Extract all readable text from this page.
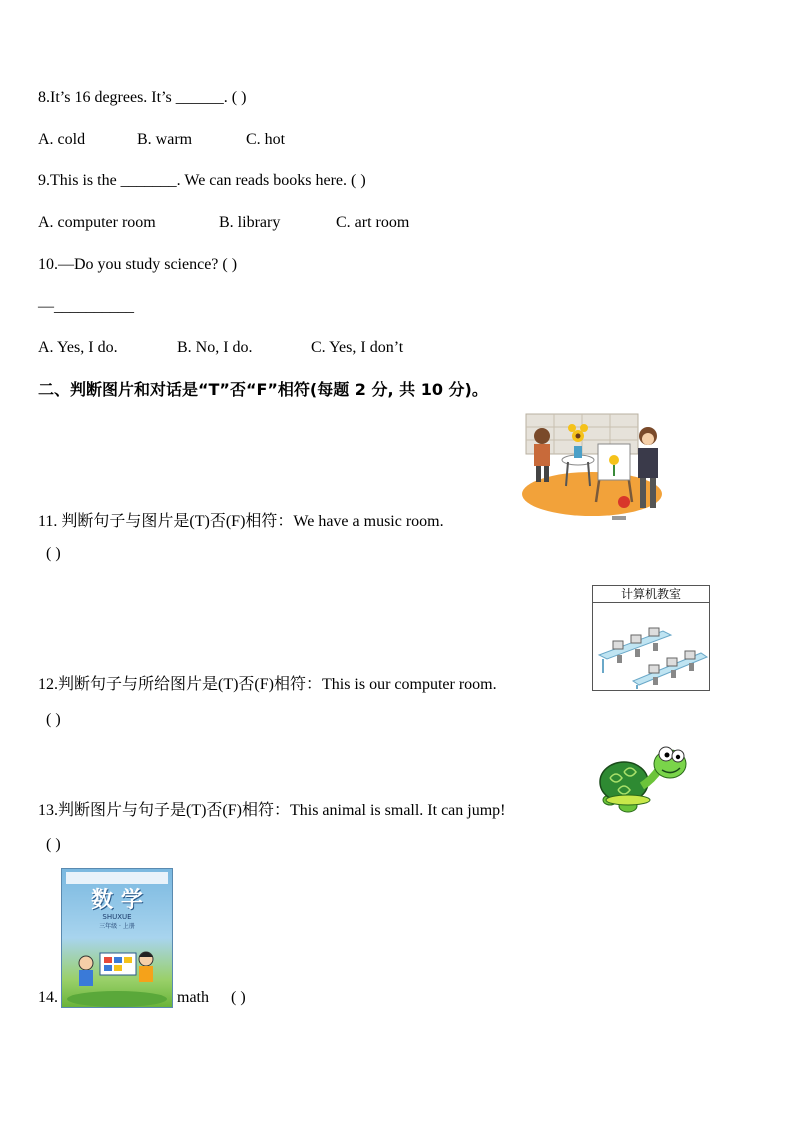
8.It’s 16 degrees. It’s ______. ( )
A. cold	B. warm	C. hot
9.This is the _______. We can reads books here. ( )
A. computer room	B. library	C. art room
10.—Do you study science? ( )
—__________
A. Yes, I do.	B. No, I do.	C. Yes, I don’t
二、判断图片和对话是“T”否“F”相符(每题 2 分, 共 10 分)。
11. 判断句子与图片是(T)否(F)相符：We have a music room.
( )
计算机教室
12.判断句子与所给图片是(T)否(F)相符：This is our computer room.
( )
13.判断图片与句子是(T)否(F)相符：This animal is small. It can jump!
( )
数 学
SHUXUE
三年级 · 上册
14.	math ( )
